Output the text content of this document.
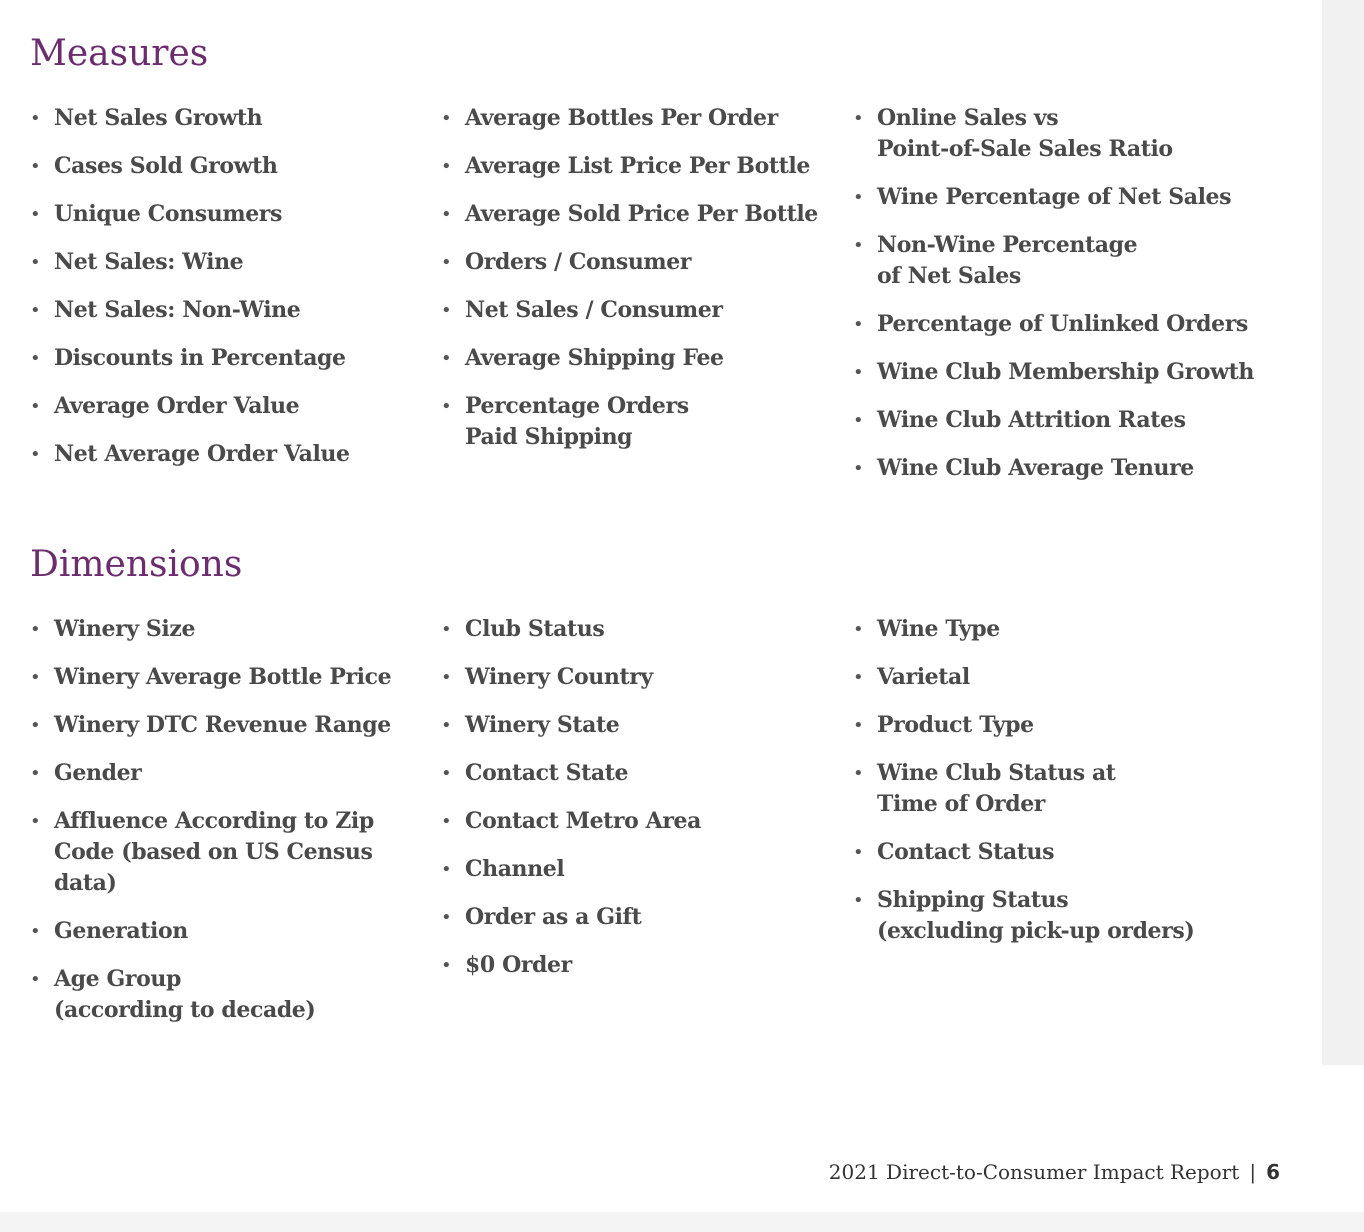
Measures
• Net Sales Growth
• Cases Sold Growth
• Unique Consumers
• Net Sales: Wine
• Net Sales: Non-Wine
• Discounts in Percentage
• Average Order Value
• Net Average Order Value
• Average Bottles Per Order
• Average List Price Per Bottle
• Average Sold Price Per Bottle
• Orders / Consumer
• Net Sales / Consumer
• Average Shipping Fee
• Percentage Orders
Paid Shipping
• Online Sales vs
Point-of-Sale Sales Ratio
• Wine Percentage of Net Sales
• Non-Wine Percentage
of Net Sales
• Percentage of Unlinked Orders
• Wine Club Membership Growth
• Wine Club Attrition Rates
• Wine Club Average Tenure
Dimensions
• Winery Size
• Winery Average Bottle Price
• Winery DTC Revenue Range
• Gender
• Affluence According to Zip
Code (based on US Census
data)
• Generation
• Age Group
(according to decade)
• Club Status
• Winery Country
• Winery State
• Contact State
• Contact Metro Area
• Channel
• Order as a Gift
• $0 Order
• Wine Type
• Varietal
• Product Type
• Wine Club Status at
Time of Order
• Contact Status
• Shipping Status
(excluding pick-up orders)
2021 Direct-to-Consumer Impact Report | 6
